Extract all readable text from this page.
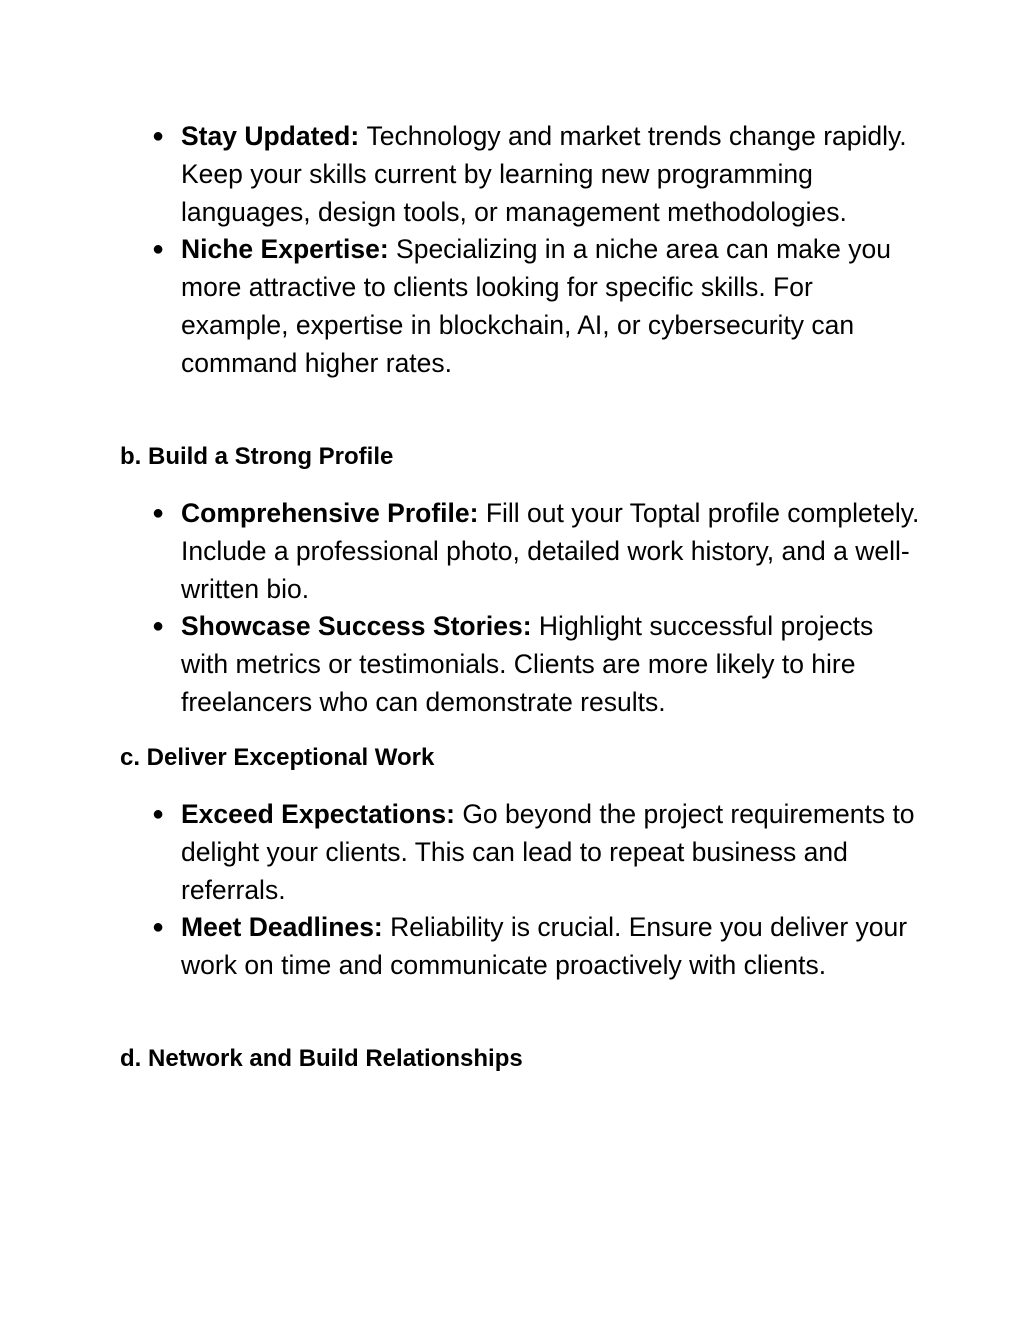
● Stay Updated: Technology and market trends change rapidly. Keep your skills current by learning new programming languages, design tools, or management methodologies.
● Niche Expertise: Specializing in a niche area can make you more attractive to clients looking for specific skills. For example, expertise in blockchain, AI, or cybersecurity can command higher rates.
b. Build a Strong Profile
● Comprehensive Profile: Fill out your Toptal profile completely. Include a professional photo, detailed work history, and a well-written bio.
● Showcase Success Stories: Highlight successful projects with metrics or testimonials. Clients are more likely to hire freelancers who can demonstrate results.
c. Deliver Exceptional Work
● Exceed Expectations: Go beyond the project requirements to delight your clients. This can lead to repeat business and referrals.
● Meet Deadlines: Reliability is crucial. Ensure you deliver your work on time and communicate proactively with clients.
d. Network and Build Relationships
